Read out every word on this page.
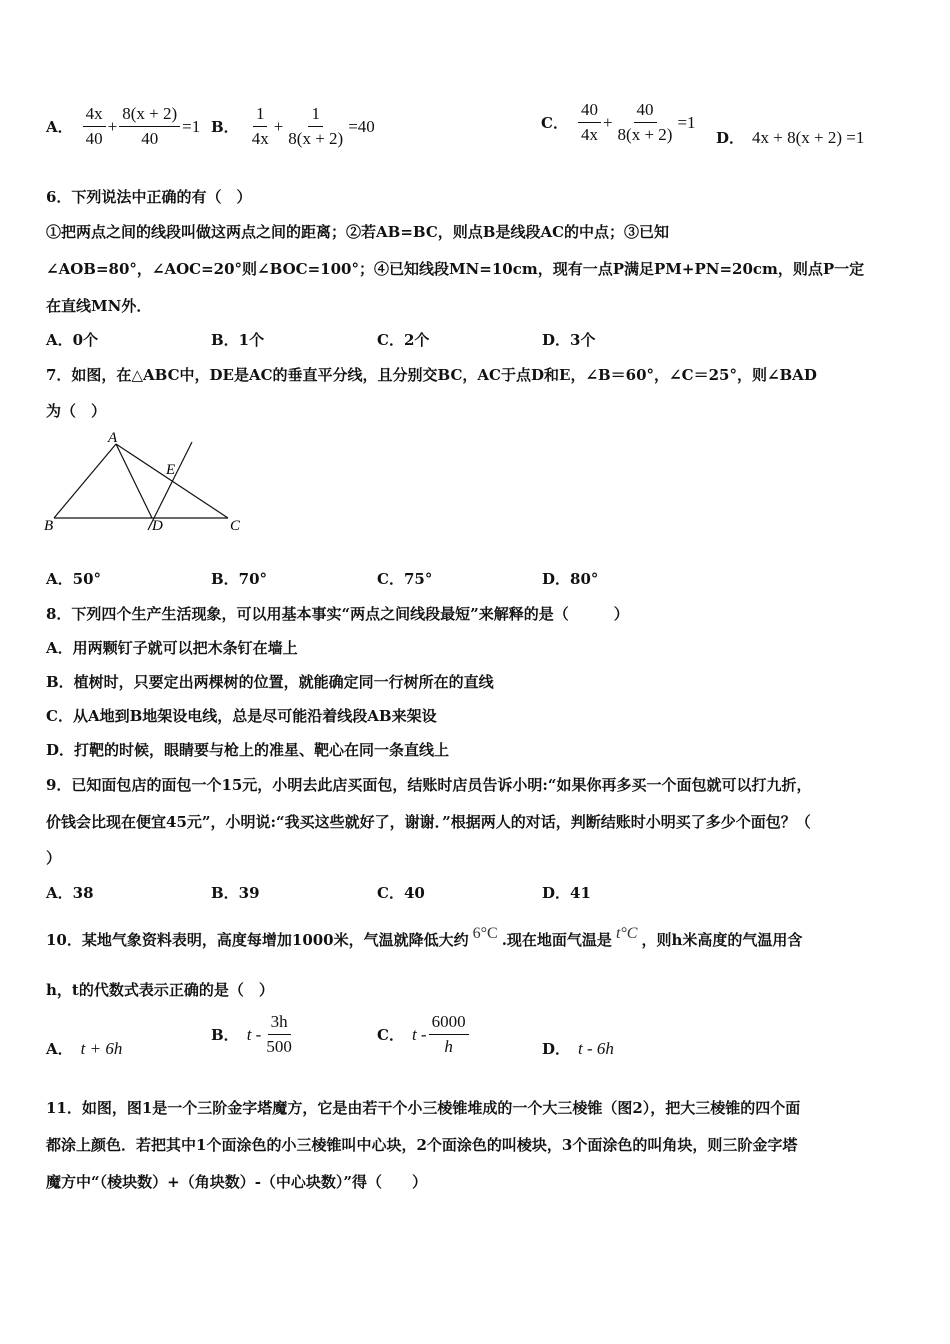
A． $\frac{4x}{40} + \frac{8(x + 2)}{40} =1$ B． $\frac{1}{4x} + \frac{1}{8(x + 2)} =40$	C． $\frac{40}{4x} + \frac{40}{8(x + 2)} =1$
D． 4x + 8(x + 2) =1
6．下列说法中正确的有（　）
①把两点之间的线段叫做这两点之间的距离；②若AB=BC，则点B是线段AC的中点；③已知
∠AOB=80°，∠AOC=20°则∠BOC=100°；④已知线段MN=10cm，现有一点P满足PM+PN=20cm，则点P一定
在直线MN外．
A．0个	B．1个	C．2个	D．3个
7．如图，在△ABC中，DE是AC的垂直平分线，且分别交BC，AC于点D和E，∠B＝60°，∠C＝25°，则∠BAD
为（　）
A
B	D	C
E
A．50°	B．70°	C．75°	D．80°
8．下列四个生产生活现象，可以用基本事实“两点之间线段最短”来解释的是（　　　）
A．用两颗钉子就可以把木条钉在墙上
B．植树时，只要定出两棵树的位置，就能确定同一行树所在的直线
C．从A地到B地架设电线，总是尽可能沿着线段AB来架设
D．打靶的时候，眼睛要与枪上的准星、靶心在同一条直线上
9．已知面包店的面包一个15元，小明去此店买面包，结账时店员告诉小明:“如果你再多买一个面包就可以打九折，
价钱会比现在便宜45元”，小明说:“我买这些就好了，谢谢．”根据两人的对话，判断结账时小明买了多少个面包？（
）
A．38	B．39	C．40	D．41
10．某地气象资料表明，高度每增加1000米，气温就降低大约 6°C .现在地面气温是 t°C ，则h米高度的气温用含
h，t的代数式表示正确的是（　）
A． t + 6h
B． t - $\frac{3h}{500}$	C． t - $\frac{6000}{h}$	D． t - 6h
11．如图，图1是一个三阶金字塔魔方，它是由若干个小三棱锥堆成的一个大三棱锥（图2），把大三棱锥的四个面
都涂上颜色．若把其中1个面涂色的小三棱锥叫中心块，2个面涂色的叫棱块，3个面涂色的叫角块，则三阶金字塔
魔方中“（棱块数）+（角块数）-（中心块数）”得（　　）
